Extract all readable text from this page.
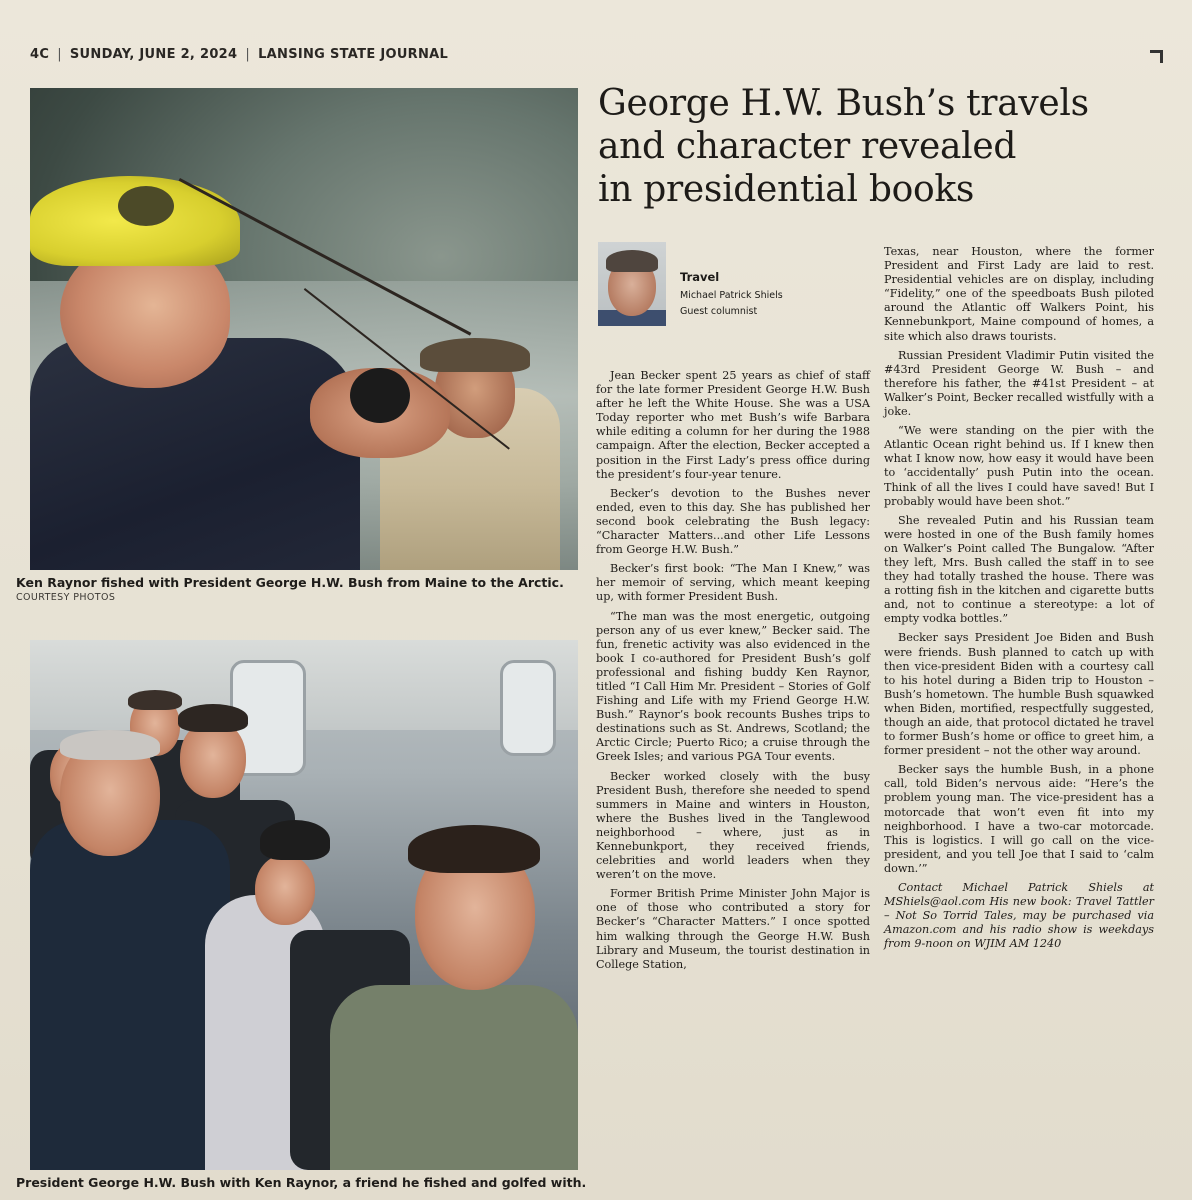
4C | SUNDAY, JUNE 2, 2024 | LANSING STATE JOURNAL
Ken Raynor fished with President George H.W. Bush from Maine to the Arctic.
COURTESY PHOTOS
President George H.W. Bush with Ken Raynor, a friend he fished and golfed with.
George H.W. Bush’s travels
and character revealed
in presidential books
Travel
Michael Patrick Shiels
Guest columnist

Jean Becker spent 25 years as chief of staff for the late former President George H.W. Bush after he left the White House. She was a USA Today reporter who met Bush’s wife Barbara while editing a column for her during the 1988 campaign. After the election, Becker accepted a position in the First Lady’s press office during the president’s four-year tenure.

Becker’s devotion to the Bushes never ended, even to this day. She has published her second book celebrating the Bush legacy: “Character Matters...and other Life Lessons from George H.W. Bush.”

Becker’s first book: “The Man I Knew,” was her memoir of serving, which meant keeping up, with former President Bush.

“The man was the most energetic, outgoing person any of us ever knew,” Becker said. The fun, frenetic activity was also evidenced in the book I co-authored for President Bush’s golf professional and fishing buddy Ken Raynor, titled “I Call Him Mr. President – Stories of Golf Fishing and Life with my Friend George H.W. Bush.” Raynor’s book recounts Bushes trips to destinations such as St. Andrews, Scotland; the Arctic Circle; Puerto Rico; a cruise through the Greek Isles; and various PGA Tour events.

Becker worked closely with the busy President Bush, therefore she needed to spend summers in Maine and winters in Houston, where the Bushes lived in the Tanglewood neighborhood – where, just as in Kennebunkport, they received friends, celebrities and world leaders when they weren’t on the move.

Former British Prime Minister John Major is one of those who contributed a story for Becker’s “Character Matters.” I once spotted him walking through the George H.W. Bush Library and Museum, the tourist destination in College Station,

Texas, near Houston, where the former President and First Lady are laid to rest. Presidential vehicles are on display, including “Fidelity,” one of the speedboats Bush piloted around the Atlantic off Walkers Point, his Kennebunkport, Maine compound of homes, a site which also draws tourists.

Russian President Vladimir Putin visited the #43rd President George W. Bush – and therefore his father, the #41st President – at Walker’s Point, Becker recalled wistfully with a joke.

“We were standing on the pier with the Atlantic Ocean right behind us. If I knew then what I know now, how easy it would have been to ‘accidentally’ push Putin into the ocean. Think of all the lives I could have saved! But I probably would have been shot.”

She revealed Putin and his Russian team were hosted in one of the Bush family homes on Walker’s Point called The Bungalow. “After they left, Mrs. Bush called the staff in to see they had totally trashed the house. There was a rotting fish in the kitchen and cigarette butts and, not to continue a stereotype: a lot of empty vodka bottles.”

Becker says President Joe Biden and Bush were friends. Bush planned to catch up with then vice-president Biden with a courtesy call to his hotel during a Biden trip to Houston – Bush’s hometown. The humble Bush squawked when Biden, mortified, respectfully suggested, though an aide, that protocol dictated he travel to former Bush’s home or office to greet him, a former president – not the other way around.

Becker says the humble Bush, in a phone call, told Biden’s nervous aide: “Here’s the problem young man. The vice-president has a motorcade that won’t even fit into my neighborhood. I have a two-car motorcade. This is logistics. I will go call on the vice-president, and you tell Joe that I said to ‘calm down.’”

Contact Michael Patrick Shiels at MShiels@aol.com His new book: Travel Tattler – Not So Torrid Tales, may be purchased via Amazon.com and his radio show is weekdays from 9-noon on WJIM AM 1240
